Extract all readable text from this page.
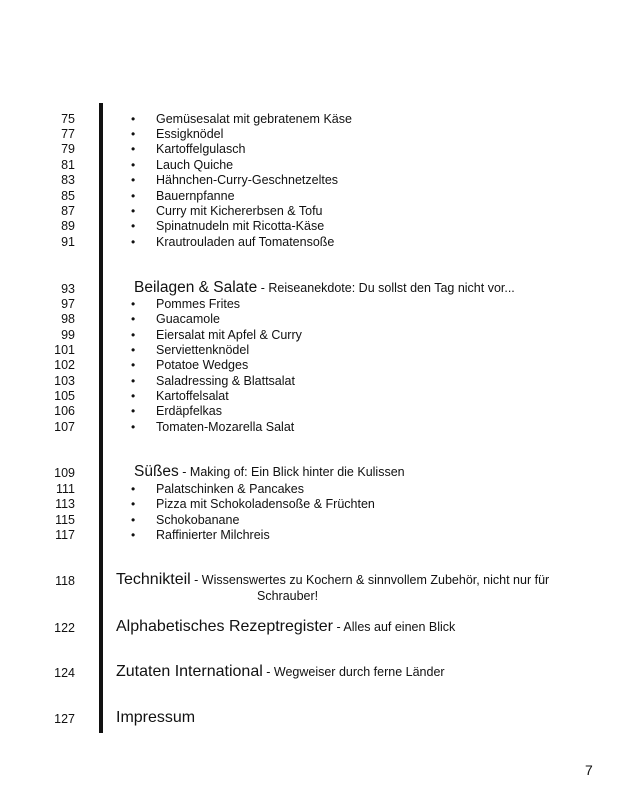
75	• Gemüsesalat mit gebratenem Käse
77	• Essigknödel
79	• Kartoffelgulasch
81	• Lauch Quiche
83	• Hähnchen-Curry-Geschnetzeltes
85	• Bauernpfanne
87	• Curry mit Kichererbsen & Tofu
89	• Spinatnudeln mit Ricotta-Käse
91	• Krautrouladen auf Tomatensoße
93	Beilagen & Salate - Reiseanekdote: Du sollst den Tag nicht vor...
97	• Pommes Frites
98	• Guacamole
99	• Eiersalat mit Apfel & Curry
101	• Serviettenknödel
102	• Potatoe Wedges
103	• Saladressing & Blattsalat
105	• Kartoffelsalat
106	• Erdäpfelkas
107	• Tomaten-Mozarella Salat
109	Süßes - Making of: Ein Blick hinter die Kulissen
111	• Palatschinken & Pancakes
113	• Pizza mit Schokoladensoße & Früchten
115	• Schokobanane
117	• Raffinierter Milchreis
118	Technikteil - Wissenswertes zu Kochern & sinnvollem Zubehör, nicht nur für
Schrauber!
122	Alphabetisches Rezeptregister - Alles auf einen Blick
124	Zutaten International - Wegweiser durch ferne Länder
127	Impressum
7
